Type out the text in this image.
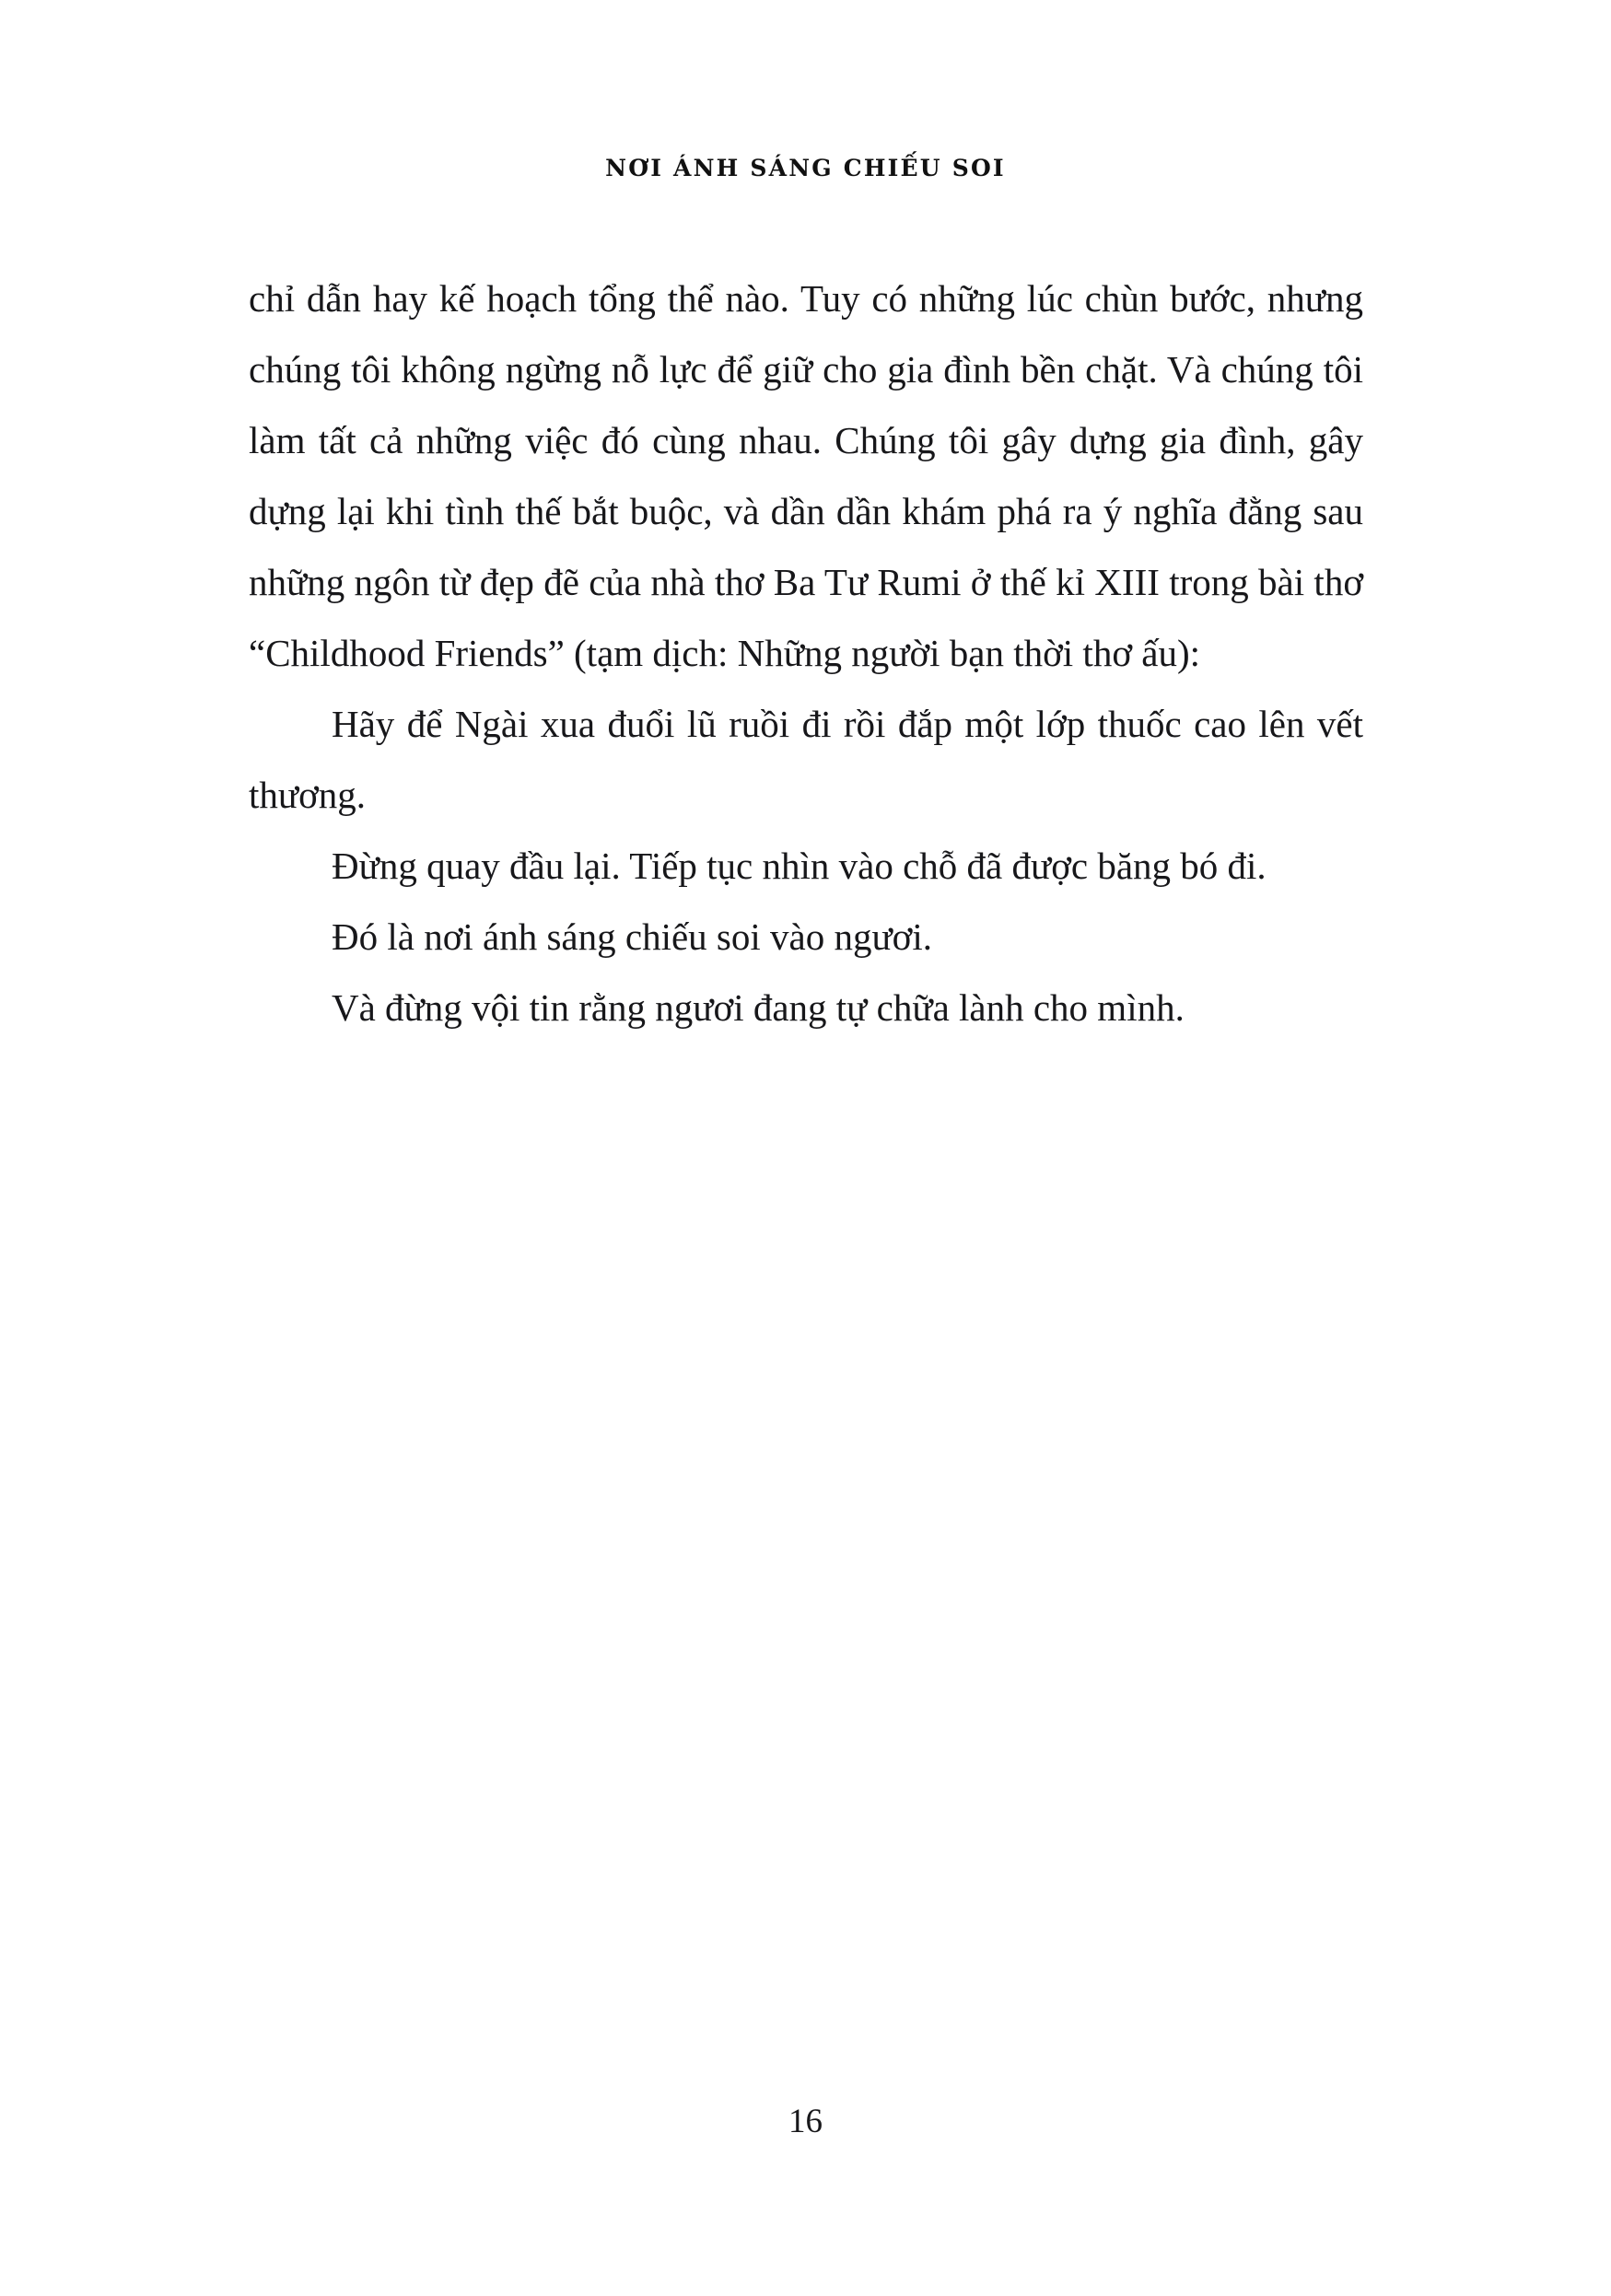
NƠI ÁNH SÁNG CHIẾU SOI

chỉ dẫn hay kế hoạch tổng thể nào. Tuy có những lúc chùn bước, nhưng chúng tôi không ngừng nỗ lực để giữ cho gia đình bền chặt. Và chúng tôi làm tất cả những việc đó cùng nhau. Chúng tôi gây dựng gia đình, gây dựng lại khi tình thế bắt buộc, và dần dần khám phá ra ý nghĩa đằng sau những ngôn từ đẹp đẽ của nhà thơ Ba Tư Rumi ở thế kỉ XIII trong bài thơ “Childhood Friends” (tạm dịch: Những người bạn thời thơ ấu):

Hãy để Ngài xua đuổi lũ ruồi đi rồi đắp một lớp thuốc cao lên vết thương.

Đừng quay đầu lại. Tiếp tục nhìn vào chỗ đã được băng bó đi.

Đó là nơi ánh sáng chiếu soi vào ngươi.

Và đừng vội tin rằng ngươi đang tự chữa lành cho mình.

16
